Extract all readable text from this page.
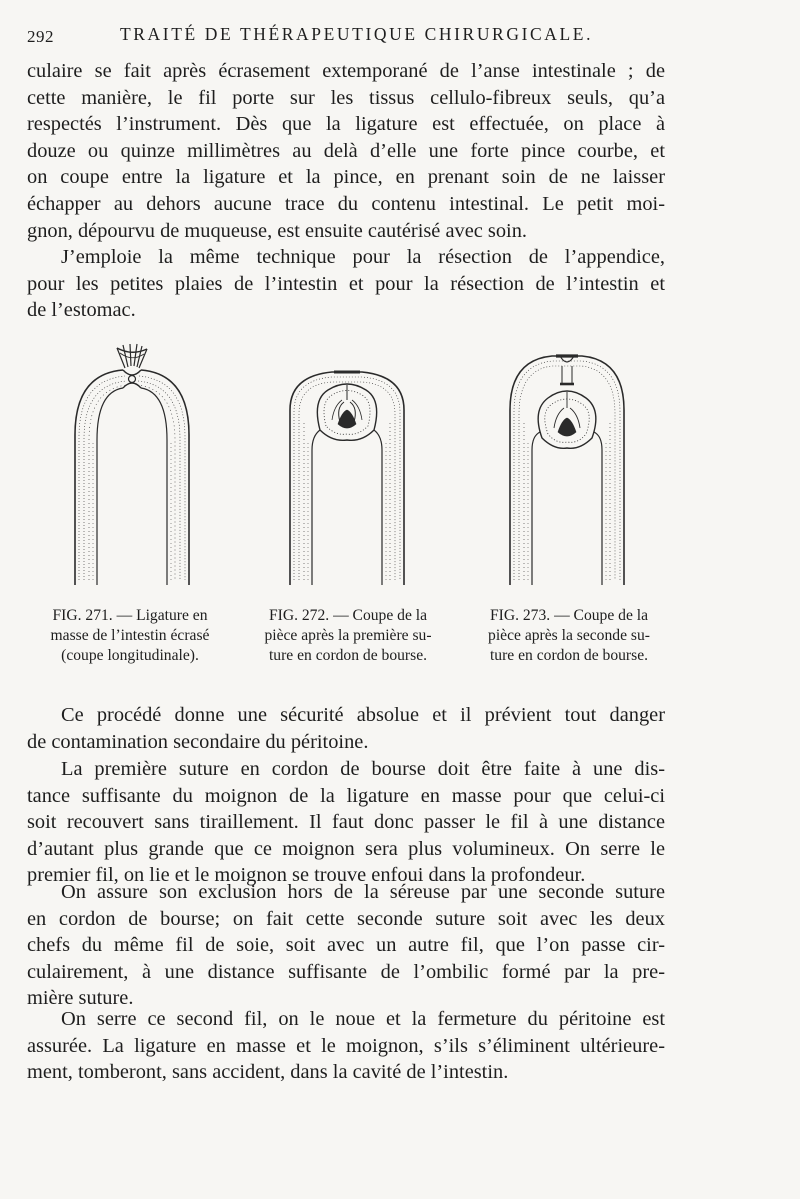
292	TRAITÉ DE THÉRAPEUTIQUE CHIRURGICALE.
culaire se fait après écrasement extemporané de l’anse intestinale ; de
cette manière, le fil porte sur les tissus cellulo-fibreux seuls, qu’a
respectés l’instrument. Dès que la ligature est effectuée, on place à
douze ou quinze millimètres au delà d’elle une forte pince courbe, et
on coupe entre la ligature et la pince, en prenant soin de ne laisser
échapper au dehors aucune trace du contenu intestinal. Le petit moi-
gnon, dépourvu de muqueuse, est ensuite cautérisé avec soin.
J’emploie la même technique pour la résection de l’appendice,
pour les petites plaies de l’intestin et pour la résection de l’intestin et
de l’estomac.
FIG. 271. — Ligature en
masse de l’intestin écrasé
(coupe longitudinale).
FIG. 272. — Coupe de la
pièce après la première su-
ture en cordon de bourse.
FIG. 273. — Coupe de la
pièce après la seconde su-
ture en cordon de bourse.
Ce procédé donne une sécurité absolue et il prévient tout danger
de contamination secondaire du péritoine.
La première suture en cordon de bourse doit être faite à une dis-
tance suffisante du moignon de la ligature en masse pour que celui-ci
soit recouvert sans tiraillement. Il faut donc passer le fil à une distance
d’autant plus grande que ce moignon sera plus volumineux. On serre le
premier fil, on lie et le moignon se trouve enfoui dans la profondeur.
On assure son exclusion hors de la séreuse par une seconde suture
en cordon de bourse; on fait cette seconde suture soit avec les deux
chefs du même fil de soie, soit avec un autre fil, que l’on passe cir-
culairement, à une distance suffisante de l’ombilic formé par la pre-
mière suture.
On serre ce second fil, on le noue et la fermeture du péritoine est
assurée. La ligature en masse et le moignon, s’ils s’éliminent ultérieure-
ment, tomberont, sans accident, dans la cavité de l’intestin.
